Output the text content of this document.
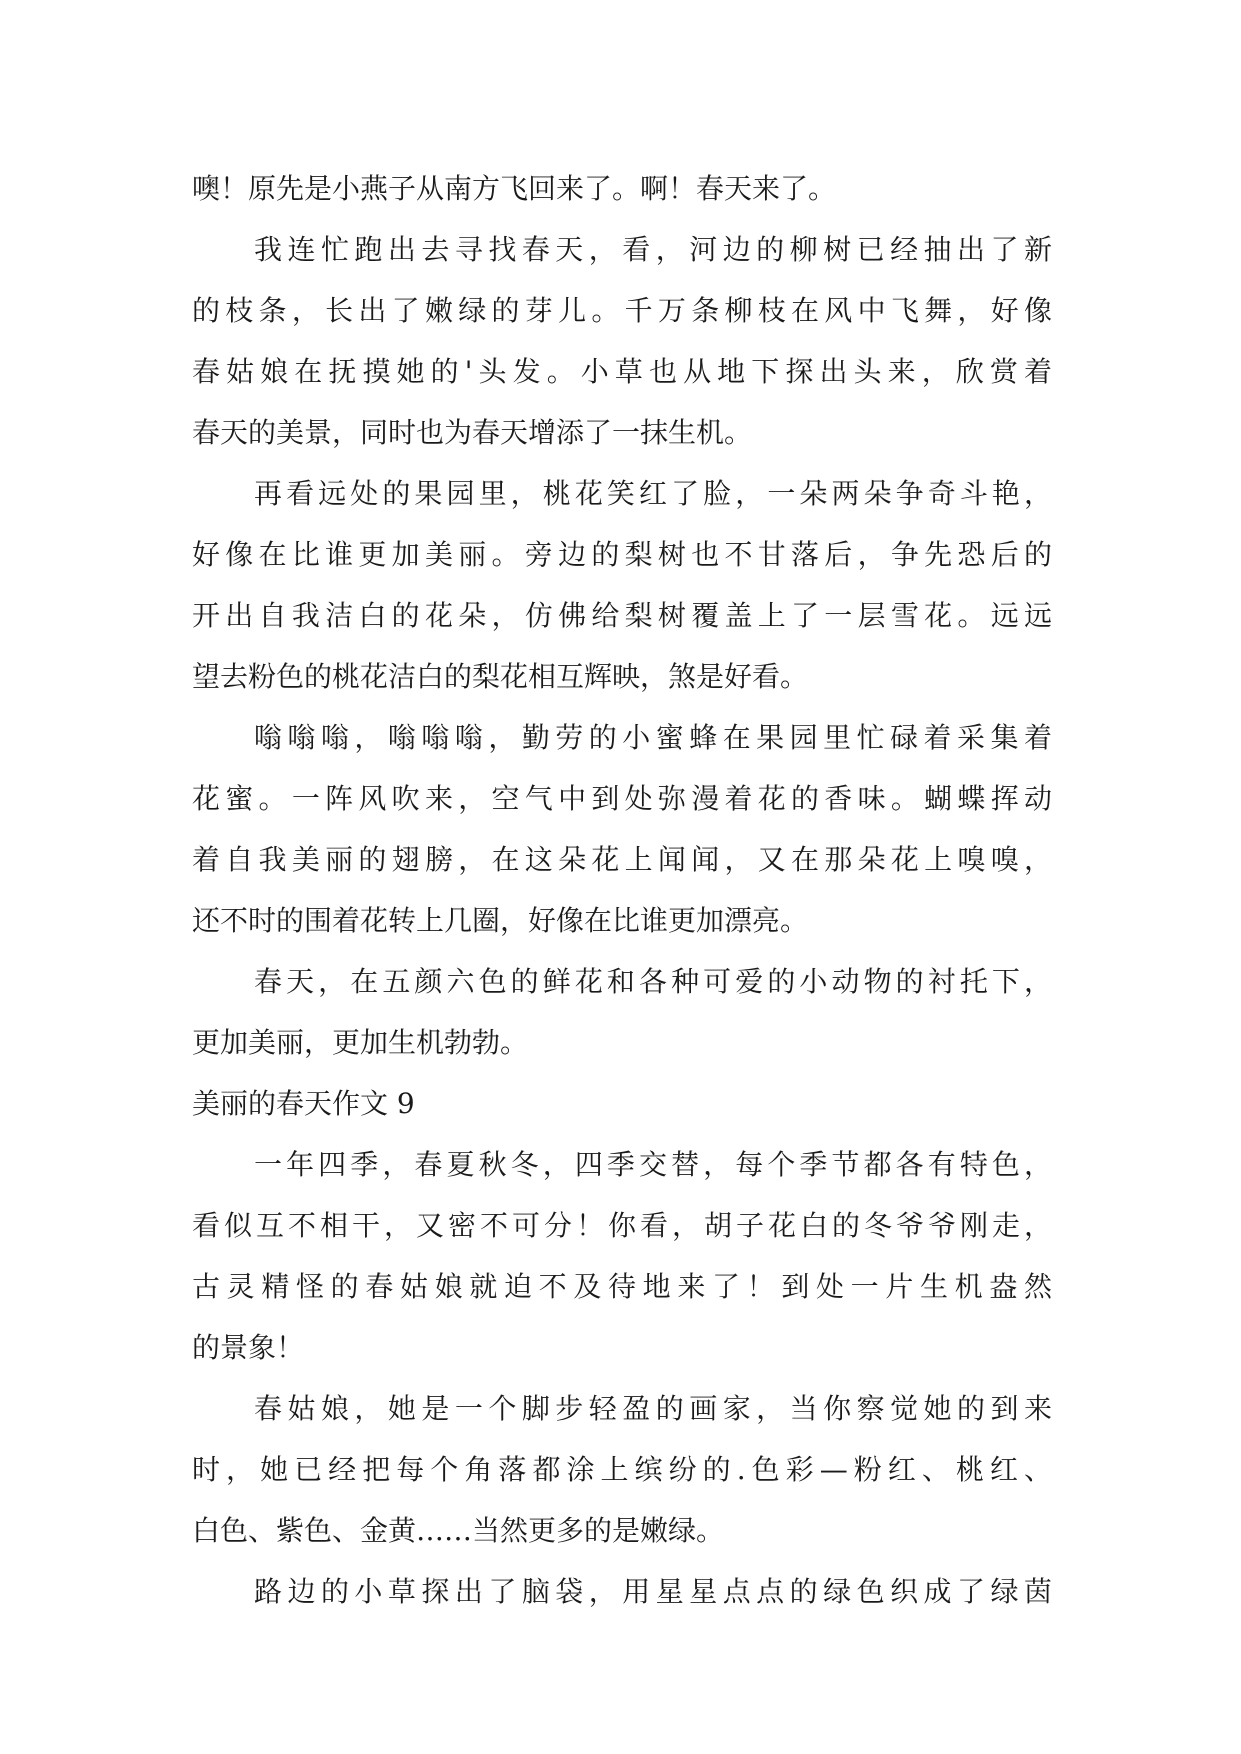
噢！原先是小燕子从南方飞回来了。啊！春天来了。
我连忙跑出去寻找春天，看，河边的柳树已经抽出了新
的枝条，长出了嫩绿的芽儿。千万条柳枝在风中飞舞，好像
春姑娘在抚摸她的'头发。小草也从地下探出头来，欣赏着
春天的美景，同时也为春天增添了一抹生机。
再看远处的果园里，桃花笑红了脸，一朵两朵争奇斗艳，
好像在比谁更加美丽。旁边的梨树也不甘落后，争先恐后的
开出自我洁白的花朵，仿佛给梨树覆盖上了一层雪花。远远
望去粉色的桃花洁白的梨花相互辉映，煞是好看。
嗡嗡嗡，嗡嗡嗡，勤劳的小蜜蜂在果园里忙碌着采集着
花蜜。一阵风吹来，空气中到处弥漫着花的香味。蝴蝶挥动
着自我美丽的翅膀，在这朵花上闻闻，又在那朵花上嗅嗅，
还不时的围着花转上几圈，好像在比谁更加漂亮。
春天，在五颜六色的鲜花和各种可爱的小动物的衬托下，
更加美丽，更加生机勃勃。
美丽的春天作文 9
一年四季，春夏秋冬，四季交替，每个季节都各有特色，
看似互不相干，又密不可分！你看，胡子花白的冬爷爷刚走，
古灵精怪的春姑娘就迫不及待地来了！到处一片生机盎然
的景象！
春姑娘，她是一个脚步轻盈的画家，当你察觉她的到来
时，她已经把每个角落都涂上缤纷的.色彩—粉红、桃红、
白色、紫色、金黄……当然更多的是嫩绿。
路边的小草探出了脑袋，用星星点点的绿色织成了绿茵
